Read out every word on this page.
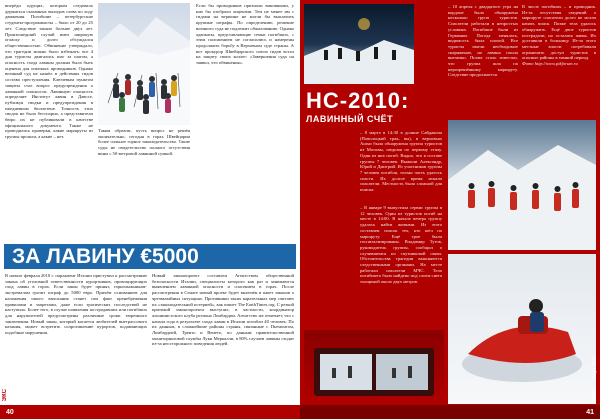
вперёди идущих, которым следовало держаться сказанных выходов слева по ходу движения. Погибшие – петербургские студенты-программисты – было от 20 до 25 лет. Следствие заняло больше двух лет. Произошедший случай имел широкую огласку и долго обсуждался общественностью. Обвинение утверждало, что трагедии можно было избежать: все 4 дня туристы двигались шаг за шагом, а опасность схода лавины должна была быть оценена для опытных проводников. Однако военный суд не нашёл в действиях гидов состава преступления. Ключевым пунктом защиты стал вопрос предупреждения о лавинной опасности. Лавинную опасность определяет Институт лавин в Давосе, публикуя сводки и предупреждения в ежедневном бюллетене. Точность этих сводок не была бесспорна, а представители бюро их не публиковали в качестве официального документа. Также не проводились проверки, какие маршруты из группы прошли, а какие – нет.

Таким образом, пусть вопрос не решён окончательно, сегодня в горах Швейцарии более сильное горное законодательство. Такие суды не свидетельство полного отсутствия вины с 50-метровой лавинной сумкой.

Если бы проводников признали виновными, у них бы отобрали лицензии. Тем не менее им с гидами на вершине не могли бы выплатить крупные штрафы. По определению, решение военного суда не подлежит обжалованию. Однако адвокаты, представляющие семьи погибших, с этим положением не согласились и намерены продолжить борьбу в Верховном суде страны. А вот прокурор Швейцарского союза гидов встал на защиту своих коллег: «Завершения суда он заявил, что обвинения».

ЗА ЛАВИНУ €5000

В начале февраля 2010 г. парламент Италии приступил к рассмотрению закона об уголовной ответственности курортников, провоцирующих сход лавин в горах. Если закон будет принят, горнолыжникам-экстремалам грозит штраф до 5000 евро. Причём основанием для наложения такого взыскания станет сам факт пренебрежения правилами и запретами, даже если трагических последствий не наступило. Более того, в случае появления пострадавших или погибших для нарушителей предусмотрены различные сроки тюремного заключения. Новый закон, который касается любителей внетрассового катания, может встретить сопротивление курортов, подавляющих подобные нарушения.

Новый законопроект составлен Агентством общественной безопасности Италии, специалисты которого как раз и занимаются выявлением лавинной опасности и спасением в горах. После рассмотрения в Сенате новый проект будет включён в пакет законов о чрезвычайных ситуациях. Противники таких карательных мер считают их «законодательной истерией», как пишет The EarthTimes.org. С резкой критикой законопроекта выступил, в частности, координатор альпинистского клуба региона Ломбардии. Агентство же отмечает, что с начала года в результате схода лавин в Италии погибли 40 человек. По их данным, в сложнейшие районы страны, связанные с Пьемонтом, Ломбардией, Тренто и Венето, по данным правительственной мониторинговой службы Луки Меркалли, в 80% случаев лавины сходят из-за неосторожного поведения людей.

40
ЭКС
HC-2010:
ЛАВИННЫЙ СЧЁТ

– 8 марта в 14:30 в долине Сайдакопа (Поволоцкий трак, вы), в верховьях Ашхи была обнаружена группа туристов из Москвы, шедшая по первому этапу. Один из них погиб. Видно, что в составе группы 7 человек. Выжили Александр, Юрий и Дмитрий. Из участников группы 7 человек погибли, только часть удалось спасти. Их долгое время искали спасатели. Местность была сложной для поиска.

– В январе 9 выпустила сервис группа в 12 человек. Один из туристов погиб на месте в 14:00. В начале вечера группу удалось найти живыми. Из этого составлен список тех, кто шёл по маршруту. Ещё трое были госпитализированы. Владимир Тугов, руководитель группы, сообщил о случившемся по спутниковой связи. Обстоятельства трагедии выясняются следственными органами. На месте работали спасатели МЧС. Тело погибшего было найдено под слоем снега толщиной около двух метров.

– 10 апреля с двадцатого утра на кордоне было обнаружено несколько групп туристов. Спасатели работали в непростых условиях. Погибшие были из Германии. Погода менялась, видимость была плохой. Все туристы имели необходимое снаряжение, но лавина сошла внезапно. Позже стало известно, что группа шла по неразрешённому маршруту. Следствие продолжается.

В числе погибших – и проводник. Из-за отсутствия сведений о маршруте спасатели долго не могли начать поиск. Позже тела удалось обнаружить. Ещё двое туристов пострадали, но остались живы. Их доставили в больницу. Из-за этого местные власти потребовали ограничить доступ туристов в опасные районы в зимний период.

Фото http://www.pikforum.ru

41
ЭКС
март 2010
